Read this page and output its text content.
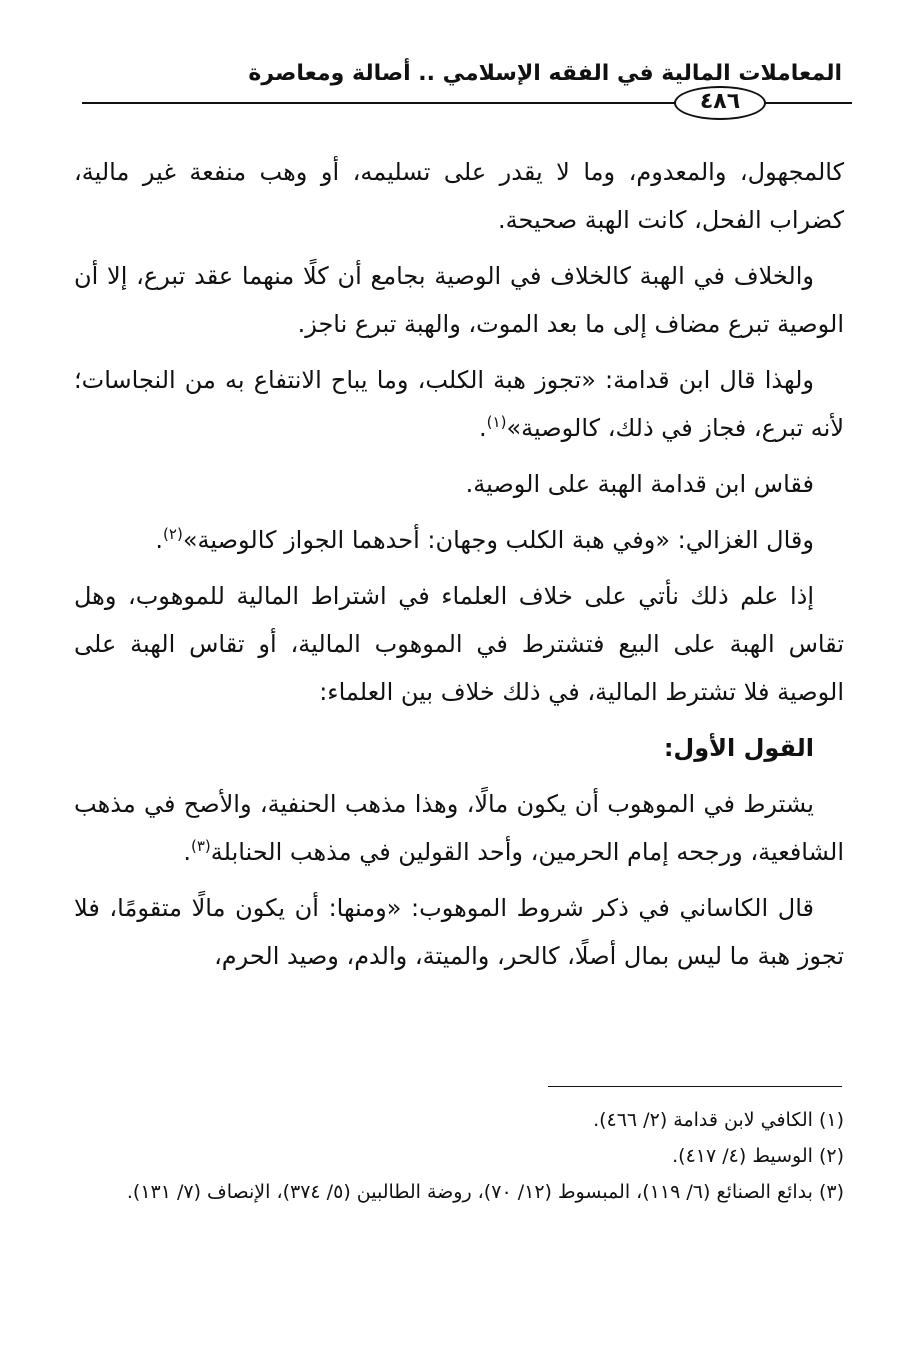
المعاملات المالية في الفقه الإسلامي .. أصالة ومعاصرة
٤٨٦

كالمجهول، والمعدوم، وما لا يقدر على تسليمه، أو وهب منفعة غير مالية، كضراب الفحل، كانت الهبة صحيحة.

والخلاف في الهبة كالخلاف في الوصية بجامع أن كلًا منهما عقد تبرع، إلا أن الوصية تبرع مضاف إلى ما بعد الموت، والهبة تبرع ناجز.

ولهذا قال ابن قدامة: «تجوز هبة الكلب، وما يباح الانتفاع به من النجاسات؛ لأنه تبرع، فجاز في ذلك، كالوصية»$^{(١)}$.

فقاس ابن قدامة الهبة على الوصية.

وقال الغزالي: «وفي هبة الكلب وجهان: أحدهما الجواز كالوصية»$^{(٢)}$.

إذا علم ذلك نأتي على خلاف العلماء في اشتراط المالية للموهوب، وهل تقاس الهبة على البيع فتشترط في الموهوب المالية، أو تقاس الهبة على الوصية فلا تشترط المالية، في ذلك خلاف بين العلماء:

القول الأول:

يشترط في الموهوب أن يكون مالًا، وهذا مذهب الحنفية، والأصح في مذهب الشافعية، ورجحه إمام الحرمين، وأحد القولين في مذهب الحنابلة$^{(٣)}$.

قال الكاساني في ذكر شروط الموهوب: «ومنها: أن يكون مالًا متقومًا، فلا تجوز هبة ما ليس بمال أصلًا، كالحر، والميتة، والدم، وصيد الحرم،

(١) الكافي لابن قدامة (٢/ ٤٦٦).

(٢) الوسيط (٤/ ٤١٧).

(٣) بدائع الصنائع (٦/ ١١٩)، المبسوط (١٢/ ٧٠)، روضة الطالبين (٥/ ٣٧٤)، الإنصاف (٧/ ١٣١).
